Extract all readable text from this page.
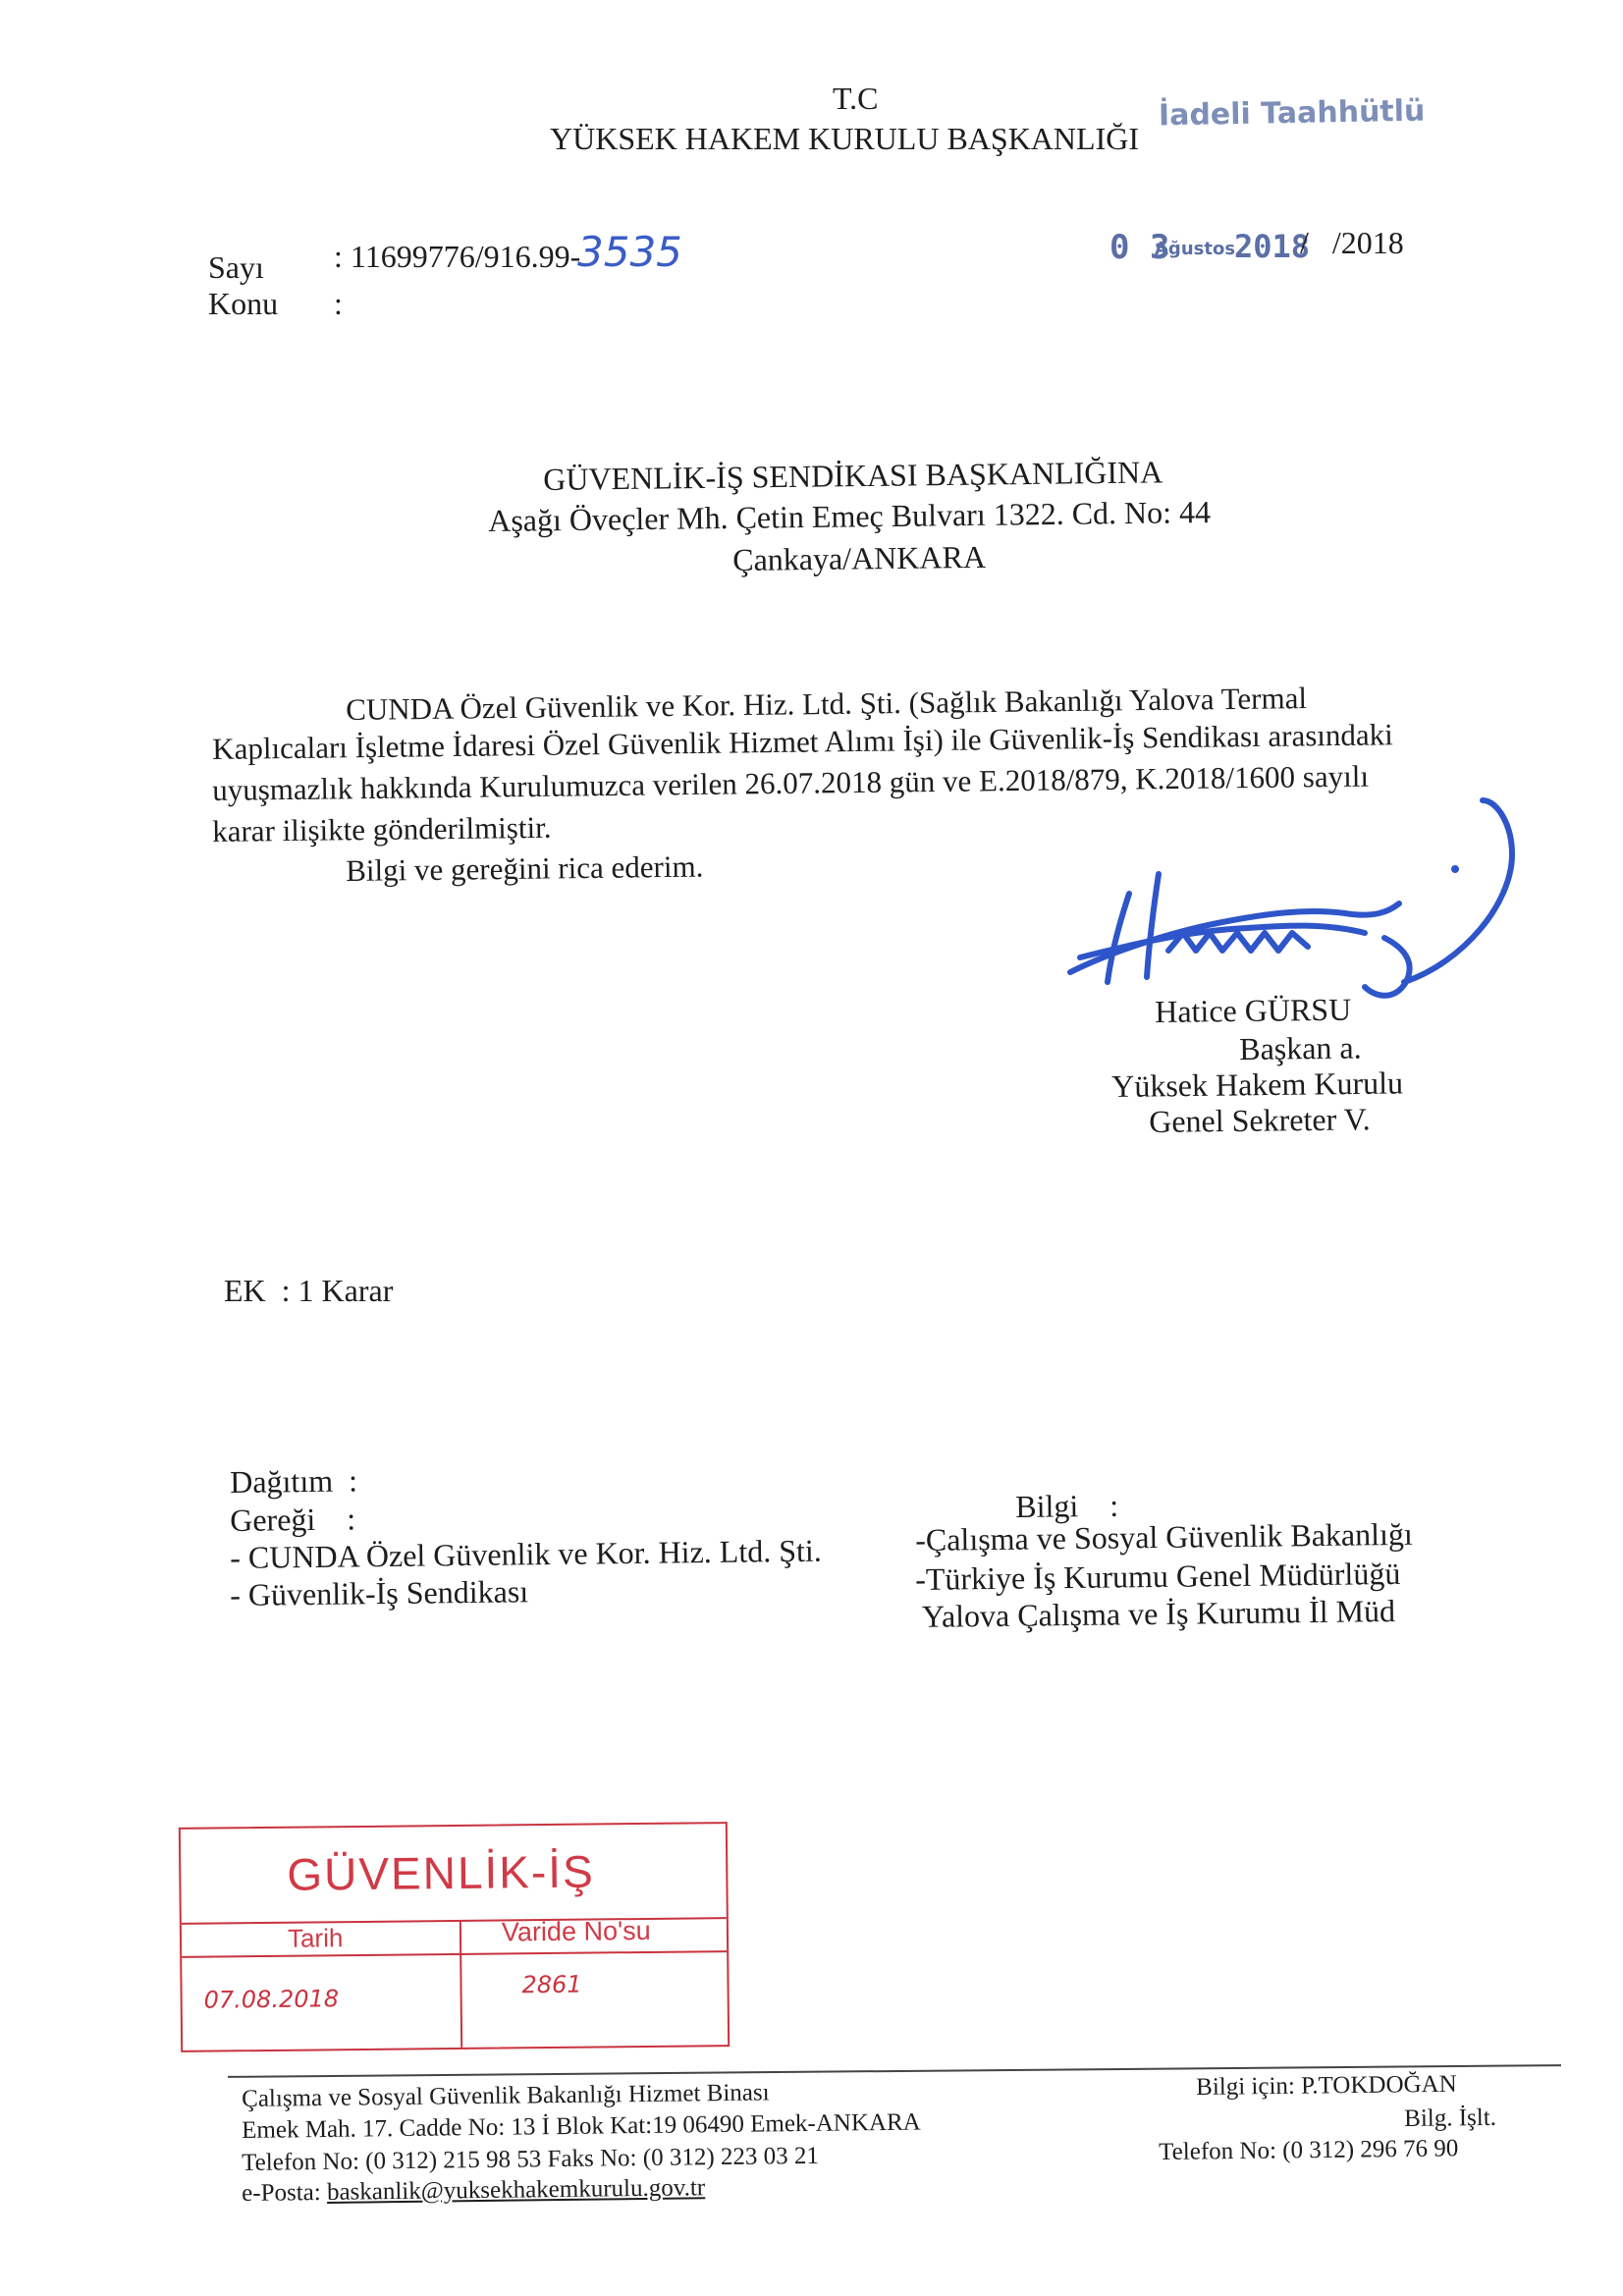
T.C
YÜKSEK HAKEM KURULU BAŞKANLIĞI
İadeli Taahhütlü
Sayı : 11699776/916.99-
3535
Konu :
0 3
Ağustos
2018
/   /2018
GÜVENLİK-İŞ SENDİKASI BAŞKANLIĞINA
Aşağı Öveçler Mh. Çetin Emeç Bulvarı 1322. Cd. No: 44
Çankaya/ANKARA
CUNDA Özel Güvenlik ve Kor. Hiz. Ltd. Şti. (Sağlık Bakanlığı Yalova Termal
Kaplıcaları İşletme İdaresi Özel Güvenlik Hizmet Alımı İşi) ile Güvenlik-İş Sendikası arasındaki
uyuşmazlık hakkında Kurulumuzca verilen 26.07.2018 gün ve E.2018/879, K.2018/1600 sayılı
karar ilişikte gönderilmiştir.
Bilgi ve gereğini rica ederim.
Hatice GÜRSU
Başkan a.
Yüksek Hakem Kurulu
Genel Sekreter V.
EK  : 1 Karar
Dağıtım  :
Gereği    :
- CUNDA Özel Güvenlik ve Kor. Hiz. Ltd. Şti.
- Güvenlik-İş Sendikası
Bilgi    :
-Çalışma ve Sosyal Güvenlik Bakanlığı
-Türkiye İş Kurumu Genel Müdürlüğü
Yalova Çalışma ve İş Kurumu İl Müd
GÜVENLİK-İŞ
Tarih	Varide No'su
07.08.2018
2861
Çalışma ve Sosyal Güvenlik Bakanlığı Hizmet Binası
Emek Mah. 17. Cadde No: 13 İ Blok Kat:19 06490 Emek-ANKARA
Telefon No: (0 312) 215 98 53 Faks No: (0 312) 223 03 21
e-Posta: baskanlik@yuksekhakemkurulu.gov.tr
Bilgi için: P.TOKDOĞAN
Bilg. İşlt.
Telefon No: (0 312) 296 76 90
